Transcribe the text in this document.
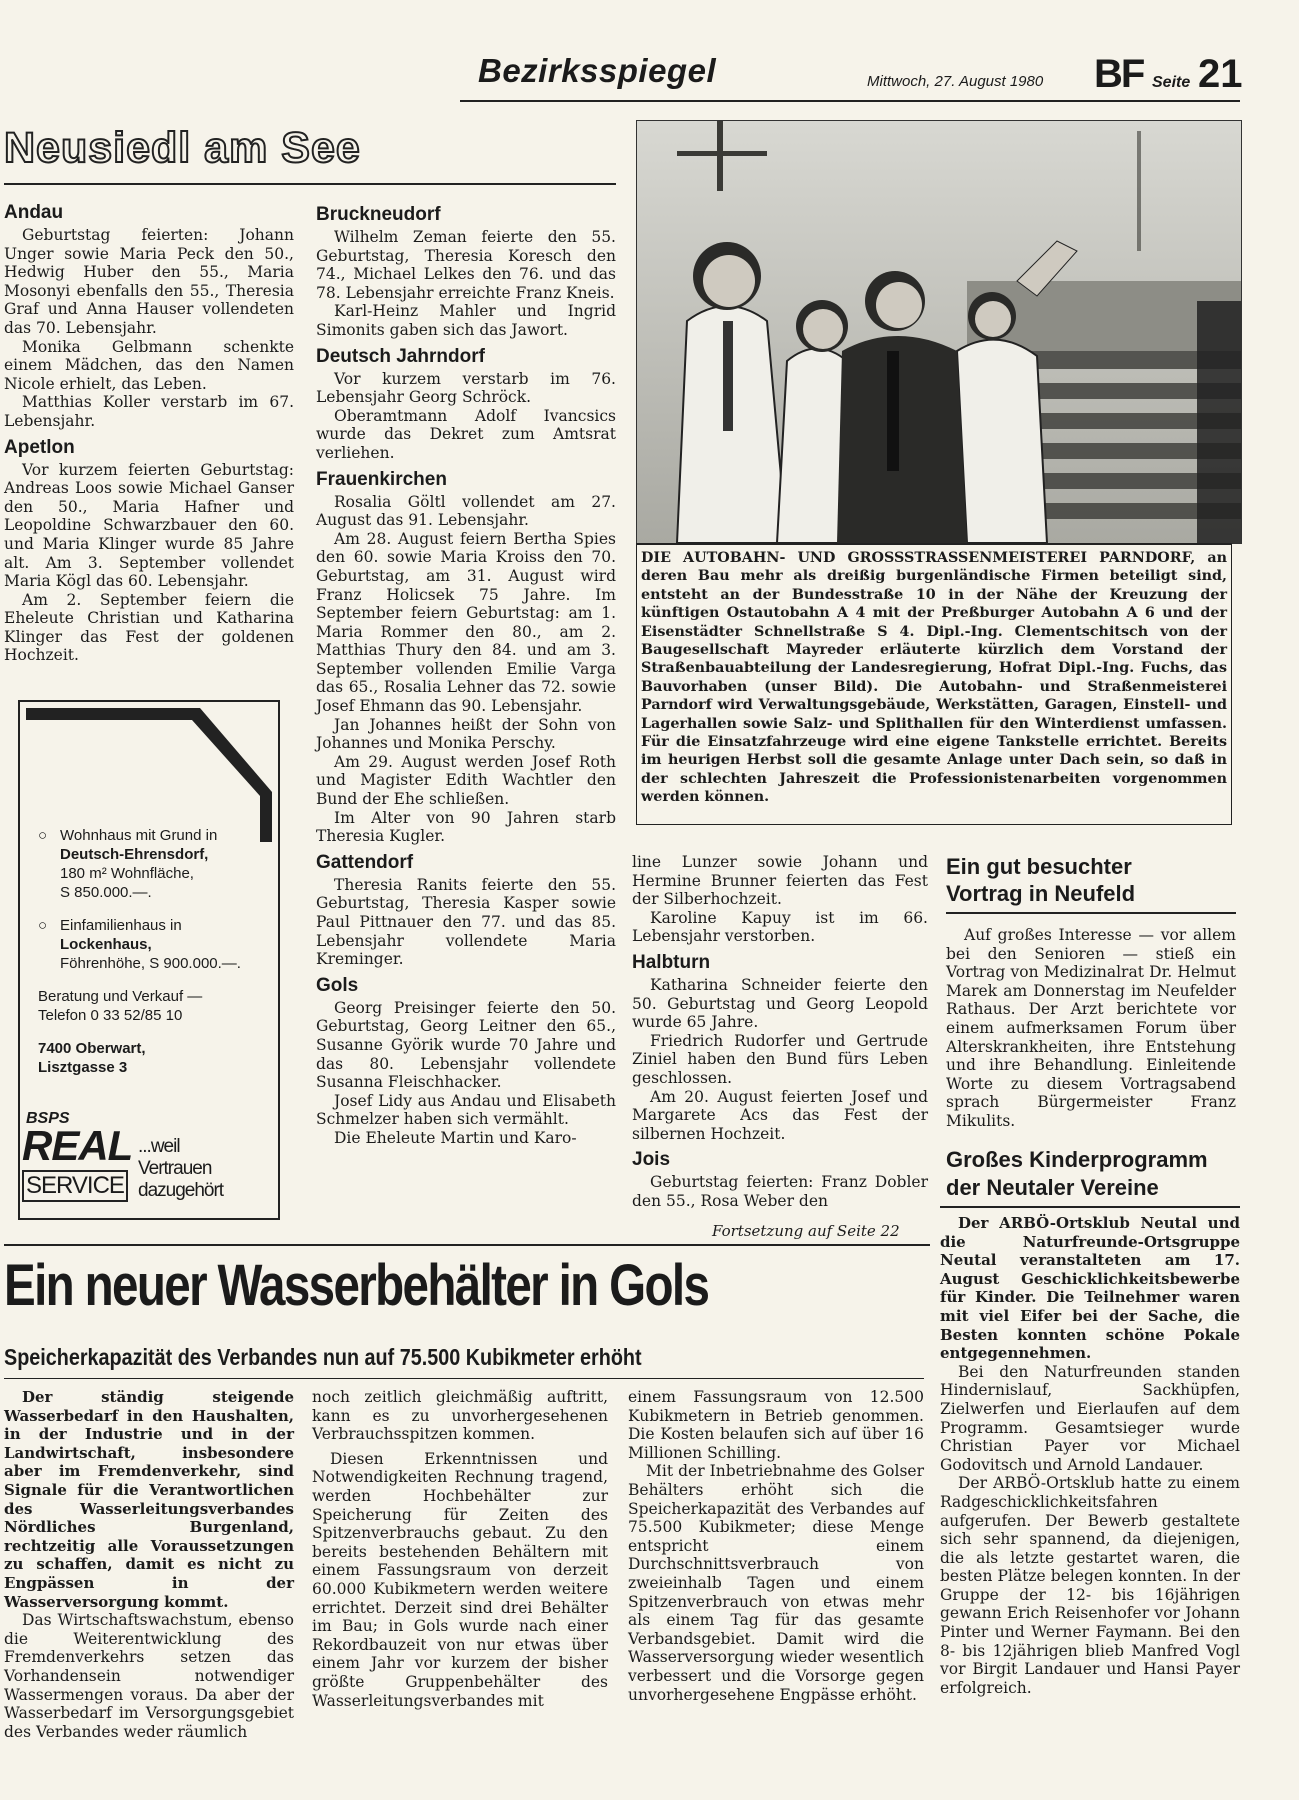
Bezirksspiegel	Mittwoch, 27. August 1980 BF Seite 21
Neusiedl am See
Andau

Geburtstag feierten: Johann Unger sowie Maria Peck den 50., Hedwig Huber den 55., Maria Mosonyi ebenfalls den 55., Theresia Graf und Anna Hauser vollendeten das 70. Lebensjahr.

Monika Gelbmann schenkte einem Mädchen, das den Namen Nicole erhielt, das Leben.

Matthias Koller verstarb im 67. Lebensjahr.

Apetlon

Vor kurzem feierten Geburtstag: Andreas Loos sowie Michael Ganser den 50., Maria Hafner und Leopoldine Schwarzbauer den 60. und Maria Klinger wurde 85 Jahre alt. Am 3. September vollendet Maria Kögl das 60. Lebensjahr.

Am 2. September feiern die Eheleute Christian und Katharina Klinger das Fest der goldenen Hochzeit.

Bruckneudorf

Wilhelm Zeman feierte den 55. Geburtstag, Theresia Koresch den 74., Michael Lelkes den 76. und das 78. Lebensjahr erreichte Franz Kneis.

Karl-Heinz Mahler und Ingrid Simonits gaben sich das Jawort.

Deutsch Jahrndorf

Vor kurzem verstarb im 76. Lebensjahr Georg Schröck.

Oberamtmann Adolf Ivancsics wurde das Dekret zum Amtsrat verliehen.

Frauenkirchen

Rosalia Göltl vollendet am 27. August das 91. Lebensjahr.

Am 28. August feiern Bertha Spies den 60. sowie Maria Kroiss den 70. Geburtstag, am 31. August wird Franz Holicsek 75 Jahre. Im September feiern Geburtstag: am 1. Maria Rommer den 80., am 2. Matthias Thury den 84. und am 3. September vollenden Emilie Varga das 65., Rosalia Lehner das 72. sowie Josef Ehmann das 90. Lebensjahr.

Jan Johannes heißt der Sohn von Johannes und Monika Perschy.

Am 29. August werden Josef Roth und Magister Edith Wachtler den Bund der Ehe schließen.

Im Alter von 90 Jahren starb Theresia Kugler.

Gattendorf

Theresia Ranits feierte den 55. Geburtstag, Theresia Kasper sowie Paul Pittnauer den 77. und das 85. Lebensjahr vollendete Maria Kreminger.

Gols

Georg Preisinger feierte den 50. Geburtstag, Georg Leitner den 65., Susanne Györik wurde 70 Jahre und das 80. Lebensjahr vollendete Susanna Fleischhacker.

Josef Lidy aus Andau und Elisabeth Schmelzer haben sich vermählt.

Die Eheleute Martin und Karo-

line Lunzer sowie Johann und Hermine Brunner feierten das Fest der Silberhochzeit.

Karoline Kapuy ist im 66. Lebensjahr verstorben.

Halbturn

Katharina Schneider feierte den 50. Geburtstag und Georg Leopold wurde 65 Jahre.

Friedrich Rudorfer und Gertrude Ziniel haben den Bund fürs Leben geschlossen.

Am 20. August feierten Josef und Margarete Acs das Fest der silbernen Hochzeit.

Jois

Geburtstag feierten: Franz Dobler den 55., Rosa Weber den

Fortsetzung auf Seite 22
DIE AUTOBAHN- UND GROSSSTRASSENMEISTEREI PARNDORF, an deren Bau mehr als dreißig burgenländische Firmen beteiligt sind, entsteht an der Bundesstraße 10 in der Nähe der Kreuzung der künftigen Ostautobahn A 4 mit der Preßburger Autobahn A 6 und der Eisenstädter Schnellstraße S 4. Dipl.-Ing. Clementschitsch von der Baugesellschaft Mayreder erläuterte kürzlich dem Vorstand der Straßenbauabteilung der Landesregierung, Hofrat Dipl.-Ing. Fuchs, das Bauvorhaben (unser Bild). Die Autobahn- und Straßenmeisterei Parndorf wird Verwaltungsgebäude, Werkstätten, Garagen, Einstell- und Lagerhallen sowie Salz- und Splithallen für den Winterdienst umfassen. Für die Einsatzfahrzeuge wird eine eigene Tankstelle errichtet. Bereits im heurigen Herbst soll die gesamte Anlage unter Dach sein, so daß in der schlechten Jahreszeit die Professionistenarbeiten vorgenommen werden können.
Ein gut besuchter
Vortrag in Neufeld

Auf großes Interesse — vor allem bei den Senioren — stieß ein Vortrag von Medizinalrat Dr. Helmut Marek am Donnerstag im Neufelder Rathaus. Der Arzt berichtete vor einem aufmerksamen Forum über Alterskrankheiten, ihre Entstehung und ihre Behandlung. Einleitende Worte zu diesem Vortragsabend sprach Bürgermeister Franz Mikulits.

Großes Kinderprogramm
der Neutaler Vereine

Der ARBÖ-Ortsklub Neutal und die Naturfreunde-Ortsgruppe Neutal veranstalteten am 17. August Geschicklichkeitsbewerbe für Kinder. Die Teilnehmer waren mit viel Eifer bei der Sache, die Besten konnten schöne Pokale entgegennehmen.

Bei den Naturfreunden standen Hindernislauf, Sackhüpfen, Zielwerfen und Eierlaufen auf dem Programm. Gesamtsieger wurde Christian Payer vor Michael Godovitsch und Arnold Landauer.

Der ARBÖ-Ortsklub hatte zu einem Radgeschicklichkeitsfahren aufgerufen. Der Bewerb gestaltete sich sehr spannend, da diejenigen, die als letzte gestartet waren, die besten Plätze belegen konnten. In der Gruppe der 12- bis 16jährigen gewann Erich Reisenhofer vor Johann Pinter und Werner Faymann. Bei den 8- bis 12jährigen blieb Manfred Vogl vor Birgit Landauer und Hansi Payer erfolgreich.

○ Wohnhaus mit Grund in
Deutsch-Ehrensdorf,
180 m² Wohnfläche,
S 850.000.—.
○ Einfamilienhaus in
Lockenhaus,
Föhrenhöhe, S 900.000.—.
Beratung und Verkauf —
Telefon 0 33 52/85 10
7400 Oberwart,
Lisztgasse 3
BSPS
REAL
SERVICE
...weil
Vertrauen
dazugehört
Ein neuer Wasserbehälter in Gols
Speicherkapazität des Verbandes nun auf 75.500 Kubikmeter erhöht

Der ständig steigende Wasserbedarf in den Haushalten, in der Industrie und in der Landwirtschaft, insbesondere aber im Fremdenverkehr, sind Signale für die Verantwortlichen des Wasserleitungsverbandes Nördliches Burgenland, rechtzeitig alle Voraussetzungen zu schaffen, damit es nicht zu Engpässen in der Wasserversorgung kommt.

Das Wirtschaftswachstum, ebenso die Weiterentwicklung des Fremdenverkehrs setzen das Vorhandensein notwendiger Wassermengen voraus. Da aber der Wasserbedarf im Versorgungsgebiet des Verbandes weder räumlich

noch zeitlich gleichmäßig auftritt, kann es zu unvorhergesehenen Verbrauchsspitzen kommen.

Diesen Erkenntnissen und Notwendigkeiten Rechnung tragend, werden Hochbehälter zur Speicherung für Zeiten des Spitzenverbrauchs gebaut. Zu den bereits bestehenden Behältern mit einem Fassungsraum von derzeit 60.000 Kubikmetern werden weitere errichtet. Derzeit sind drei Behälter im Bau; in Gols wurde nach einer Rekordbauzeit von nur etwas über einem Jahr vor kurzem der bisher größte Gruppenbehälter des Wasserleitungsverbandes mit

einem Fassungsraum von 12.500 Kubikmetern in Betrieb genommen. Die Kosten belaufen sich auf über 16 Millionen Schilling.

Mit der Inbetriebnahme des Golser Behälters erhöht sich die Speicherkapazität des Verbandes auf 75.500 Kubikmeter; diese Menge entspricht einem Durchschnittsverbrauch von zweieinhalb Tagen und einem Spitzenverbrauch von etwas mehr als einem Tag für das gesamte Verbandsgebiet. Damit wird die Wasserversorgung wieder wesentlich verbessert und die Vorsorge gegen unvorhergesehene Engpässe erhöht.
